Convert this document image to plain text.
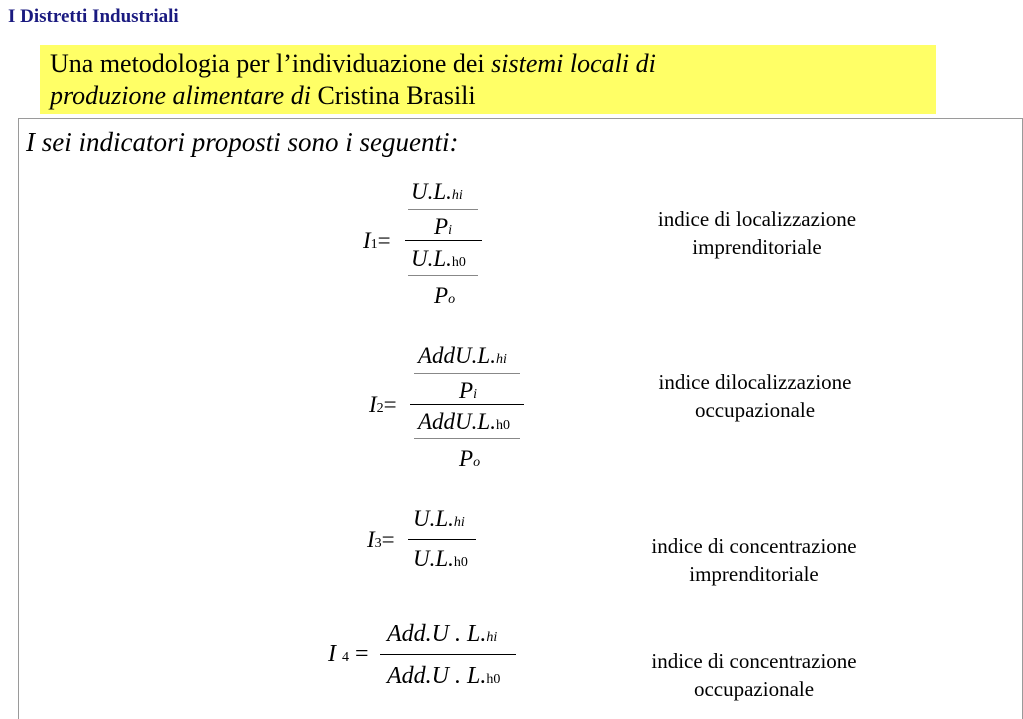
I Distretti Industriali
Una metodologia per l’individuazione dei sistemi locali di
produzione alimentare di Cristina Brasili
I sei indicatori proposti sono i seguenti:
U.L.hi
Pi
I1=
U.L.h0
Po
indice di localizzazione
imprenditoriale
AddU.L.hi
Pi
I2=
AddU.L.h0
Po
indice dilocalizzazione
occupazionale
U.L.hi
I3=
U.L.h0
indice di concentrazione
imprenditoriale
Add.U . L.hi
I 4 =
Add.U . L.h0
indice di concentrazione
occupazionale
